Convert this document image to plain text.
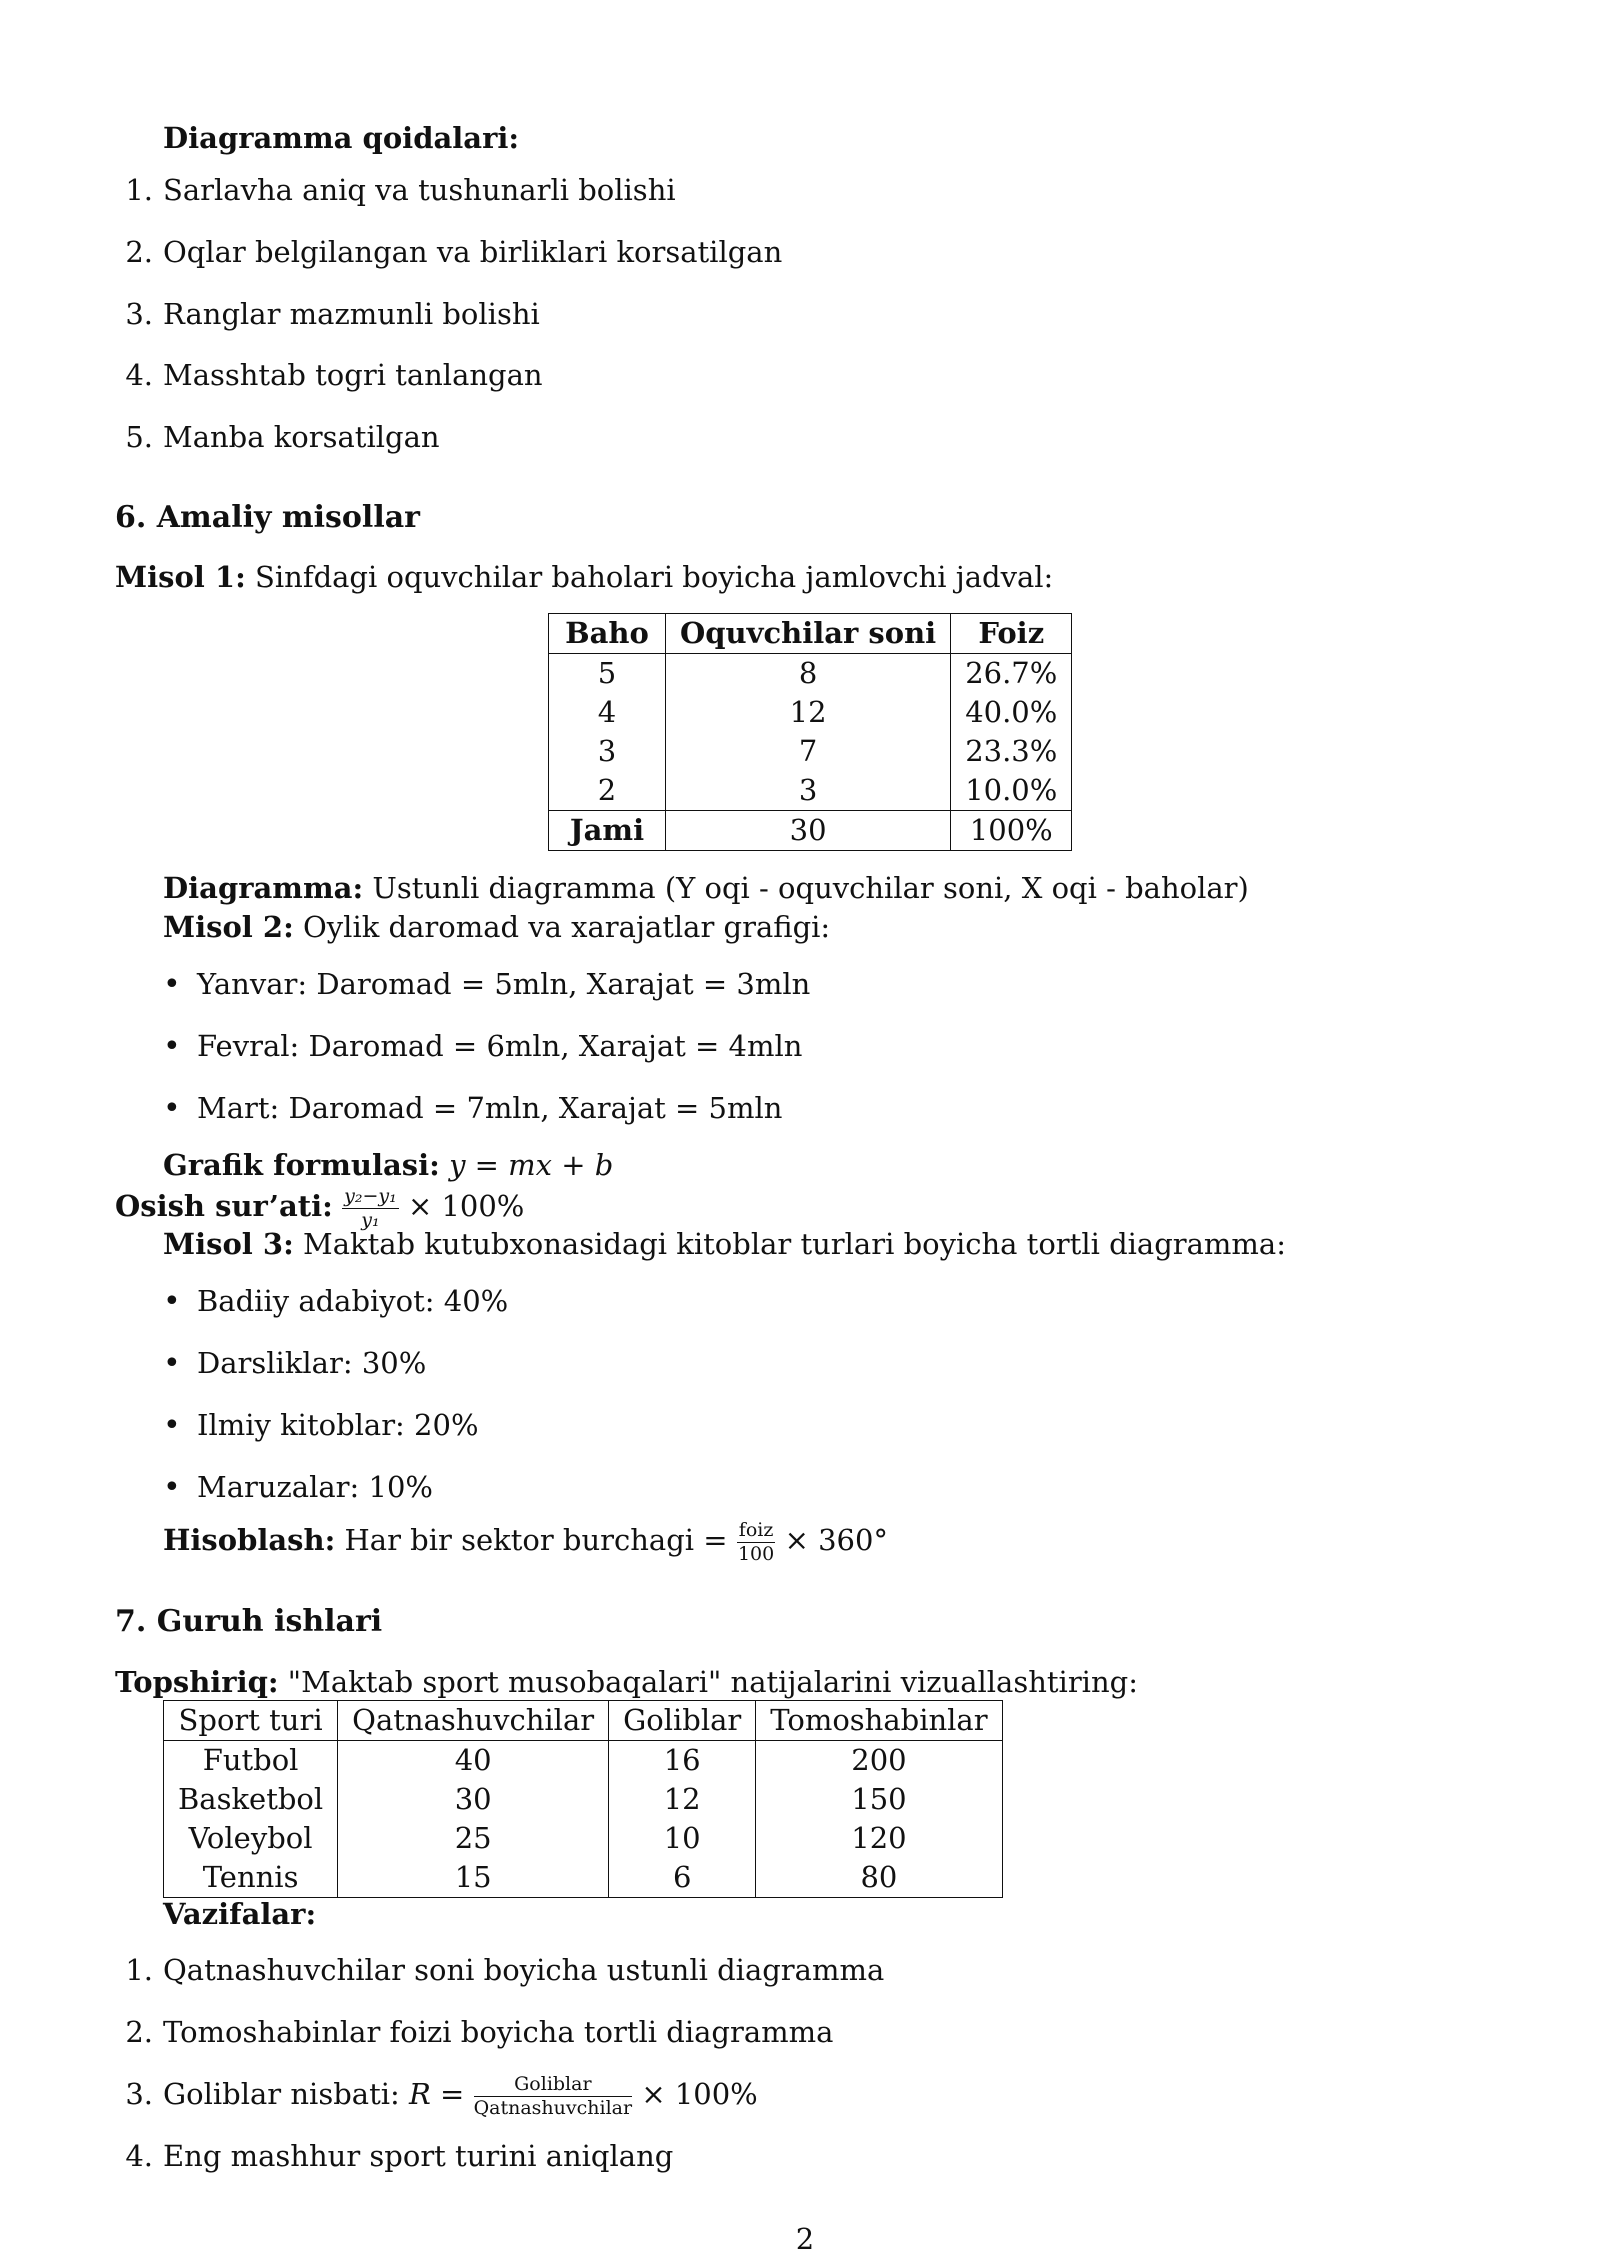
Diagramma qoidalari:
1. Sarlavha aniq va tushunarli bolishi
2. Oqlar belgilangan va birliklari korsatilgan
3. Ranglar mazmunli bolishi
4. Masshtab togri tanlangan
5. Manba korsatilgan
6. Amaliy misollar
Misol 1: Sinfdagi oquvchilar baholari boyicha jamlovchi jadval:
Baho	Oquvchilar soni	Foiz
5	8	26.7%
4	12	40.0%
3	7	23.3%
2	3	10.0%
Jami	30	100%
Diagramma: Ustunli diagramma (Y oqi - oquvchilar soni, X oqi - baholar)
Misol 2: Oylik daromad va xarajatlar grafigi:
• Yanvar: Daromad = 5mln, Xarajat = 3mln
• Fevral: Daromad = 6mln, Xarajat = 4mln
• Mart: Daromad = 7mln, Xarajat = 5mln
Grafik formulasi: y = mx + b
Osish sur’ati: $\frac{\text{y₂−y₁}}{\text{y₁}} \times 100\%$
Misol 3: Maktab kutubxonasidagi kitoblar turlari boyicha tortli diagramma:
• Badiiy adabiyot: 40%
• Darsliklar: 30%
• Ilmiy kitoblar: 20%
• Maruzalar: 10%
Hisoblash: Har bir sektor burchagi = $\frac{\text{foiz}}{100} \times 360^\circ$
7. Guruh ishlari
Topshiriq: "Maktab sport musobaqalari" natijalarini vizuallashtiring:
Sport turi	Qatnashuvchilar	Goliblar	Tomoshabinlar
Futbol	40	16	200
Basketbol	30	12	150
Voleybol	25	10	120
Tennis	15	6	80
Vazifalar:
1. Qatnashuvchilar soni boyicha ustunli diagramma
2. Tomoshabinlar foizi boyicha tortli diagramma
3. Goliblar nisbati: $R = \frac{\text{Goliblar}}{\text{Qatnashuvchilar}} \times 100\%$
4. Eng mashhur sport turini aniqlang
2
